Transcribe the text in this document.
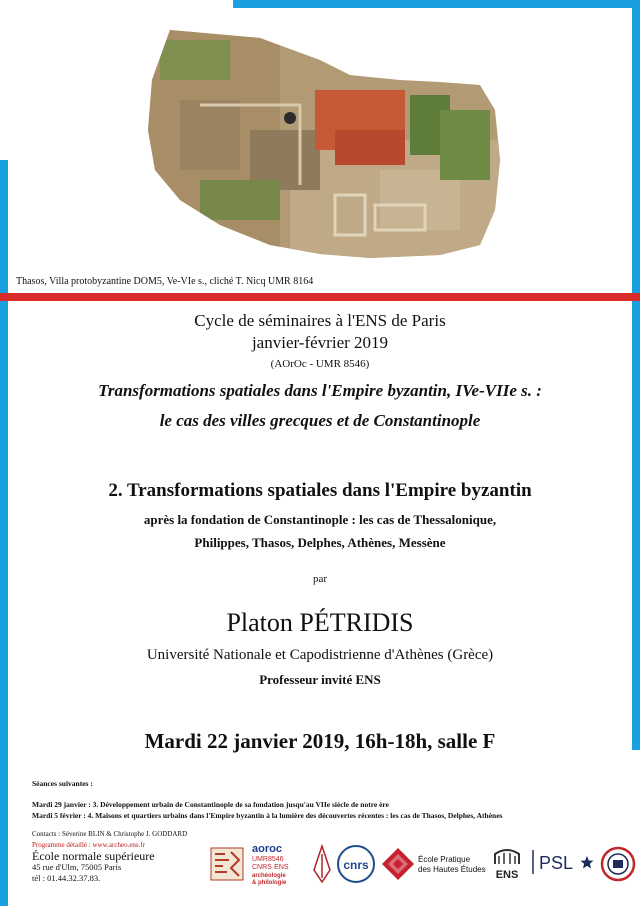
Thasos, Villa protobyzantine DOM5, Ve-VIe s., cliché T. Nicq UMR 8164
Cycle de séminaires à l'ENS de Paris
janvier-février 2019
(AOrOc - UMR 8546)
Transformations spatiales dans l'Empire byzantin, IVe-VIIe s. :
le cas des villes grecques et de Constantinople
2. Transformations spatiales dans l'Empire byzantin
après la fondation de Constantinople : les cas de Thessalonique,
Philippes, Thasos, Delphes, Athènes, Messène
par
Platon PÉTRIDIS
Université Nationale et Capodistrienne d'Athènes (Grèce)
Professeur invité ENS
Mardi 22 janvier 2019, 16h-18h, salle F
Séances suivantes :
Mardi 29 janvier : 3. Développement urbain de Constantinople de sa fondation jusqu'au VIIe siècle de notre ère
Mardi 5 février : 4. Maisons et quartiers urbains dans l'Empire byzantin à la lumière des découvertes récentes : les cas de Thasos, Delphes, Athènes
Contacts : Séverine BLIN & Christophe J. GODDARD
Programme détaillé : www.archeo.ens.fr
École normale supérieure
45 rue d'Ulm, 75005 Paris
tél : 01.44.32.37.83.
aoroc
UMR8546
CNRS·ENS
archéologie
& philologie
cnrs	École Pratique
des Hautes Études ENS
PSL
